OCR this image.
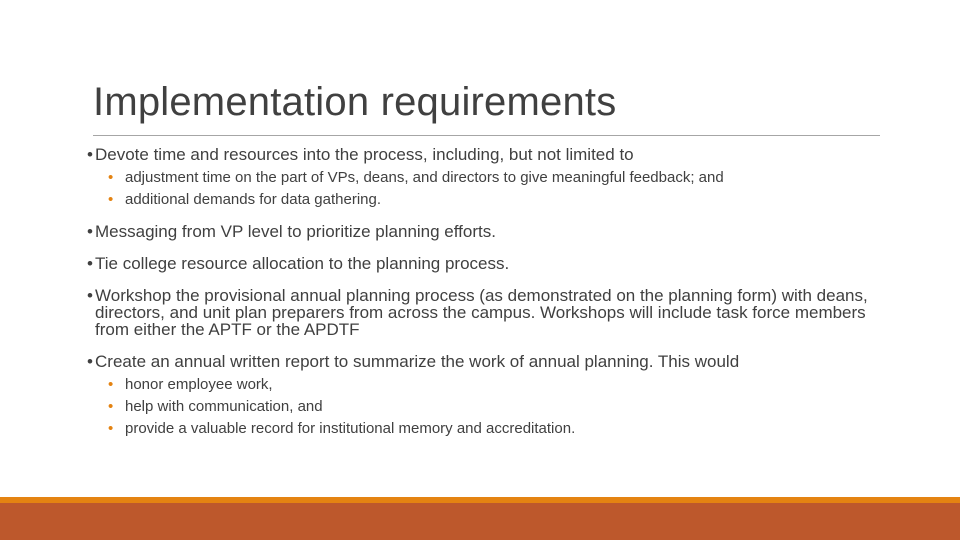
Implementation requirements
• Devote time and resources into the process, including, but not limited to
• adjustment time on the part of VPs, deans, and directors to give meaningful feedback; and
• additional demands for data gathering.
• Messaging from VP level to prioritize planning efforts.
• Tie college resource allocation to the planning process.
• Workshop the provisional annual planning process (as demonstrated on the planning form) with deans, directors, and unit plan preparers from across the campus. Workshops will include task force members from either the APTF or the APDTF
• Create an annual written report to summarize the work of annual planning. This would
• honor employee work,
• help with communication, and
• provide a valuable record for institutional memory and accreditation.
